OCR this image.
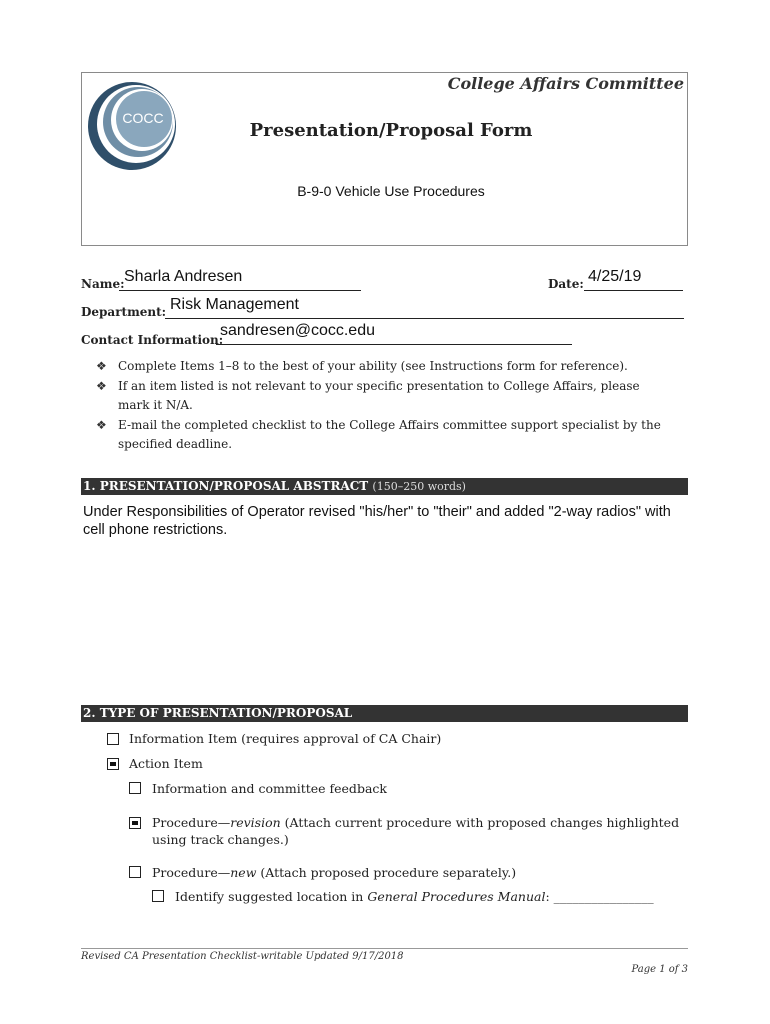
COCC
College Affairs Committee
Presentation/Proposal Form
B-9-0 Vehicle Use Procedures
Name: Sharla Andresen	Date: 4/25/19
Department: Risk Management
Contact Information:
sandresen@cocc.edu
❖ Complete Items 1–8 to the best of your ability (see Instructions form for reference).
❖ If an item listed is not relevant to your specific presentation to College Affairs, please mark it N/A.
❖ E-mail the completed checklist to the College Affairs committee support specialist by the specified deadline.
1. PRESENTATION/PROPOSAL ABSTRACT (150–250 words)
Under Responsibilities of Operator revised "his/her" to "their" and added "2-way radios" with cell phone restrictions.
2. TYPE OF PRESENTATION/PROPOSAL
Information Item (requires approval of CA Chair)
Action Item
Information and committee feedback
Procedure—revision (Attach current procedure with proposed changes highlighted using track changes.)
Procedure—new (Attach proposed procedure separately.)
Identify suggested location in General Procedures Manual: ________________
Revised CA Presentation Checklist-writable Updated 9/17/2018
Page 1 of 3
